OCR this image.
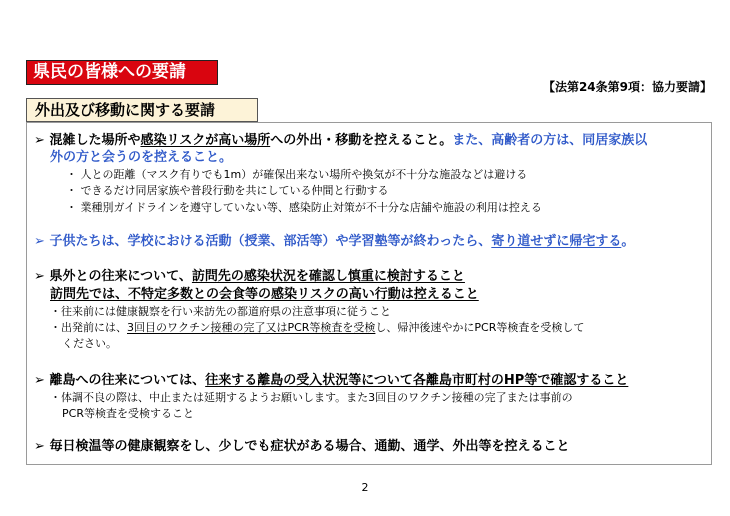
県民の皆様への要請
【法第24条第9項：協力要請】
外出及び移動に関する要請
➢ 混雑した場所や感染リスクが高い場所への外出・移動を控えること。また、高齢者の方は、同居家族以
外の方と会うのを控えること。
・ 人との距離（マスク有りでも1m）が確保出来ない場所や換気が不十分な施設などは避ける
・ できるだけ同居家族や普段行動を共にしている仲間と行動する
・ 業種別ガイドラインを遵守していない等、感染防止対策が不十分な店舗や施設の利用は控える
➢ 子供たちは、学校における活動（授業、部活等）や学習塾等が終わったら、寄り道せずに帰宅する。
➢ 県外との往来について、訪問先の感染状況を確認し慎重に検討すること
訪問先では、不特定多数との会食等の感染リスクの高い行動は控えること
・往来前には健康観察を行い来訪先の都道府県の注意事項に従うこと
・出発前には、3回目のワクチン接種の完了又はPCR等検査を受検し、帰沖後速やかにPCR等検査を受検して
ください。
➢ 離島への往来については、往来する離島の受入状況等について各離島市町村のHP等で確認すること
・体調不良の際は、中止または延期するようお願いします。また3回目のワクチン接種の完了または事前の
PCR等検査を受検すること
➢ 毎日検温等の健康観察をし、少しでも症状がある場合、通勤、通学、外出等を控えること
2
